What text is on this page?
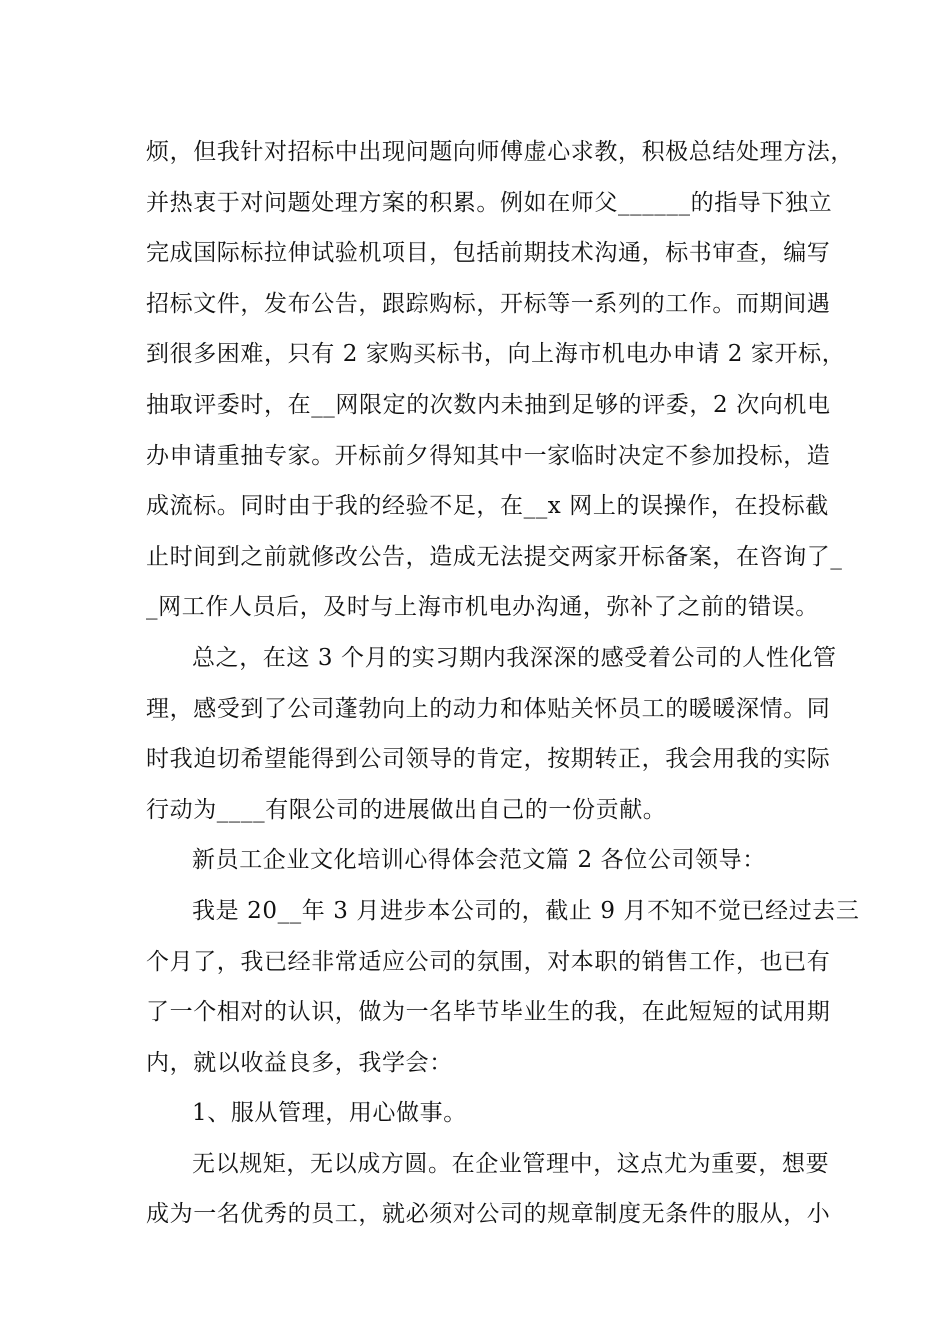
烦，但我针对招标中出现问题向师傅虚心求教，积极总结处理方法，
并热衷于对问题处理方案的积累。例如在师父______的指导下独立
完成国际标拉伸试验机项目，包括前期技术沟通，标书审查，编写
招标文件，发布公告，跟踪购标，开标等一系列的工作。而期间遇
到很多困难，只有 2 家购买标书，向上海市机电办申请 2 家开标，
抽取评委时，在__网限定的次数内未抽到足够的评委，2 次向机电
办申请重抽专家。开标前夕得知其中一家临时决定不参加投标，造
成流标。同时由于我的经验不足，在__x 网上的误操作，在投标截
止时间到之前就修改公告，造成无法提交两家开标备案，在咨询了_
_网工作人员后，及时与上海市机电办沟通，弥补了之前的错误。
总之，在这 3 个月的实习期内我深深的感受着公司的人性化管
理，感受到了公司蓬勃向上的动力和体贴关怀员工的暖暖深情。同
时我迫切希望能得到公司领导的肯定，按期转正，我会用我的实际
行动为____有限公司的进展做出自己的一份贡献。
新员工企业文化培训心得体会范文篇 2 各位公司领导：
我是 20__年 3 月进步本公司的，截止 9 月不知不觉已经过去三
个月了，我已经非常适应公司的氛围，对本职的销售工作，也已有
了一个相对的认识，做为一名毕节毕业生的我，在此短短的试用期
内，就以收益良多，我学会：
1、服从管理，用心做事。
无以规矩，无以成方圆。在企业管理中，这点尤为重要，想要
成为一名优秀的员工，就必须对公司的规章制度无条件的服从，小
